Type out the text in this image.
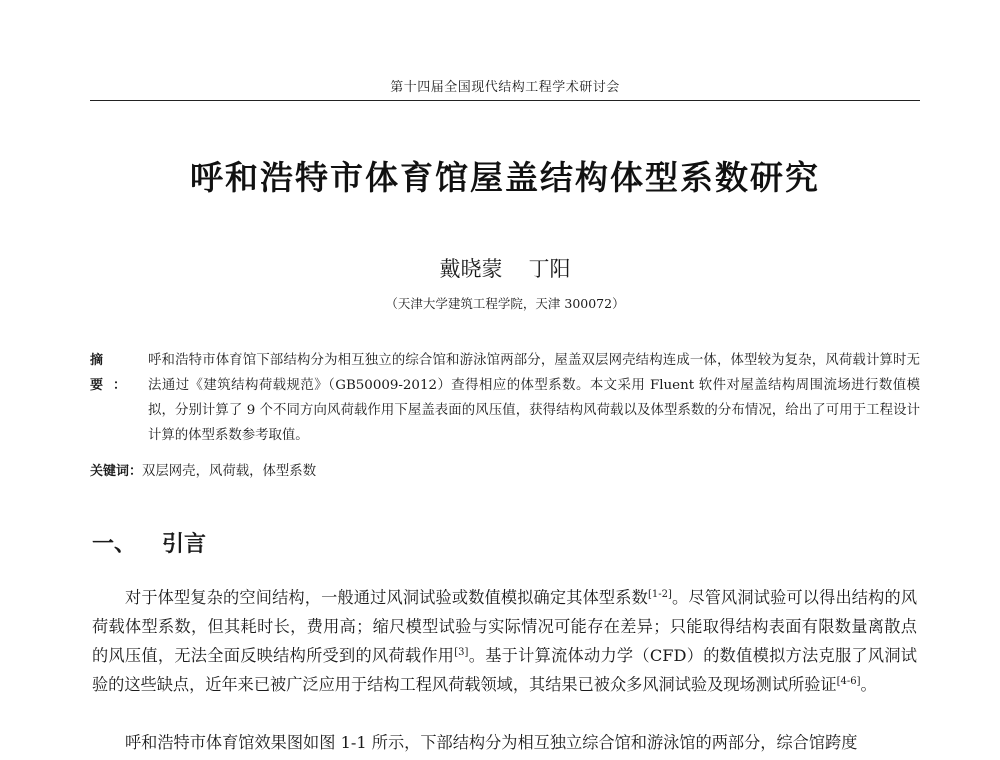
第十四届全国现代结构工程学术研讨会
呼和浩特市体育馆屋盖结构体型系数研究
戴晓蒙 丁阳
（天津大学建筑工程学院，天津 300072）
摘要：
呼和浩特市体育馆下部结构分为相互独立的综合馆和游泳馆两部分，屋盖双层网壳结构连成一体，体型较为复杂，风荷载计算时无法通过《建筑结构荷载规范》（GB50009-2012）查得相应的体型系数。本文采用 Fluent 软件对屋盖结构周围流场进行数值模拟，分别计算了 9 个不同方向风荷载作用下屋盖表面的风压值，获得结构风荷载以及体型系数的分布情况，给出了可用于工程设计计算的体型系数参考取值。
关键词：双层网壳，风荷载，体型系数
一、 引言
对于体型复杂的空间结构，一般通过风洞试验或数值模拟确定其体型系数[1-2]。尽管风洞试验可以得出结构的风荷载体型系数，但其耗时长，费用高；缩尺模型试验与实际情况可能存在差异；只能取得结构表面有限数量离散点的风压值，无法全面反映结构所受到的风荷载作用[3]。基于计算流体动力学（CFD）的数值模拟方法克服了风洞试验的这些缺点，近年来已被广泛应用于结构工程风荷载领域，其结果已被众多风洞试验及现场测试所验证[4-6]。
呼和浩特市体育馆效果图如图 1-1 所示，下部结构分为相互独立综合馆和游泳馆的两部分，综合馆跨度
